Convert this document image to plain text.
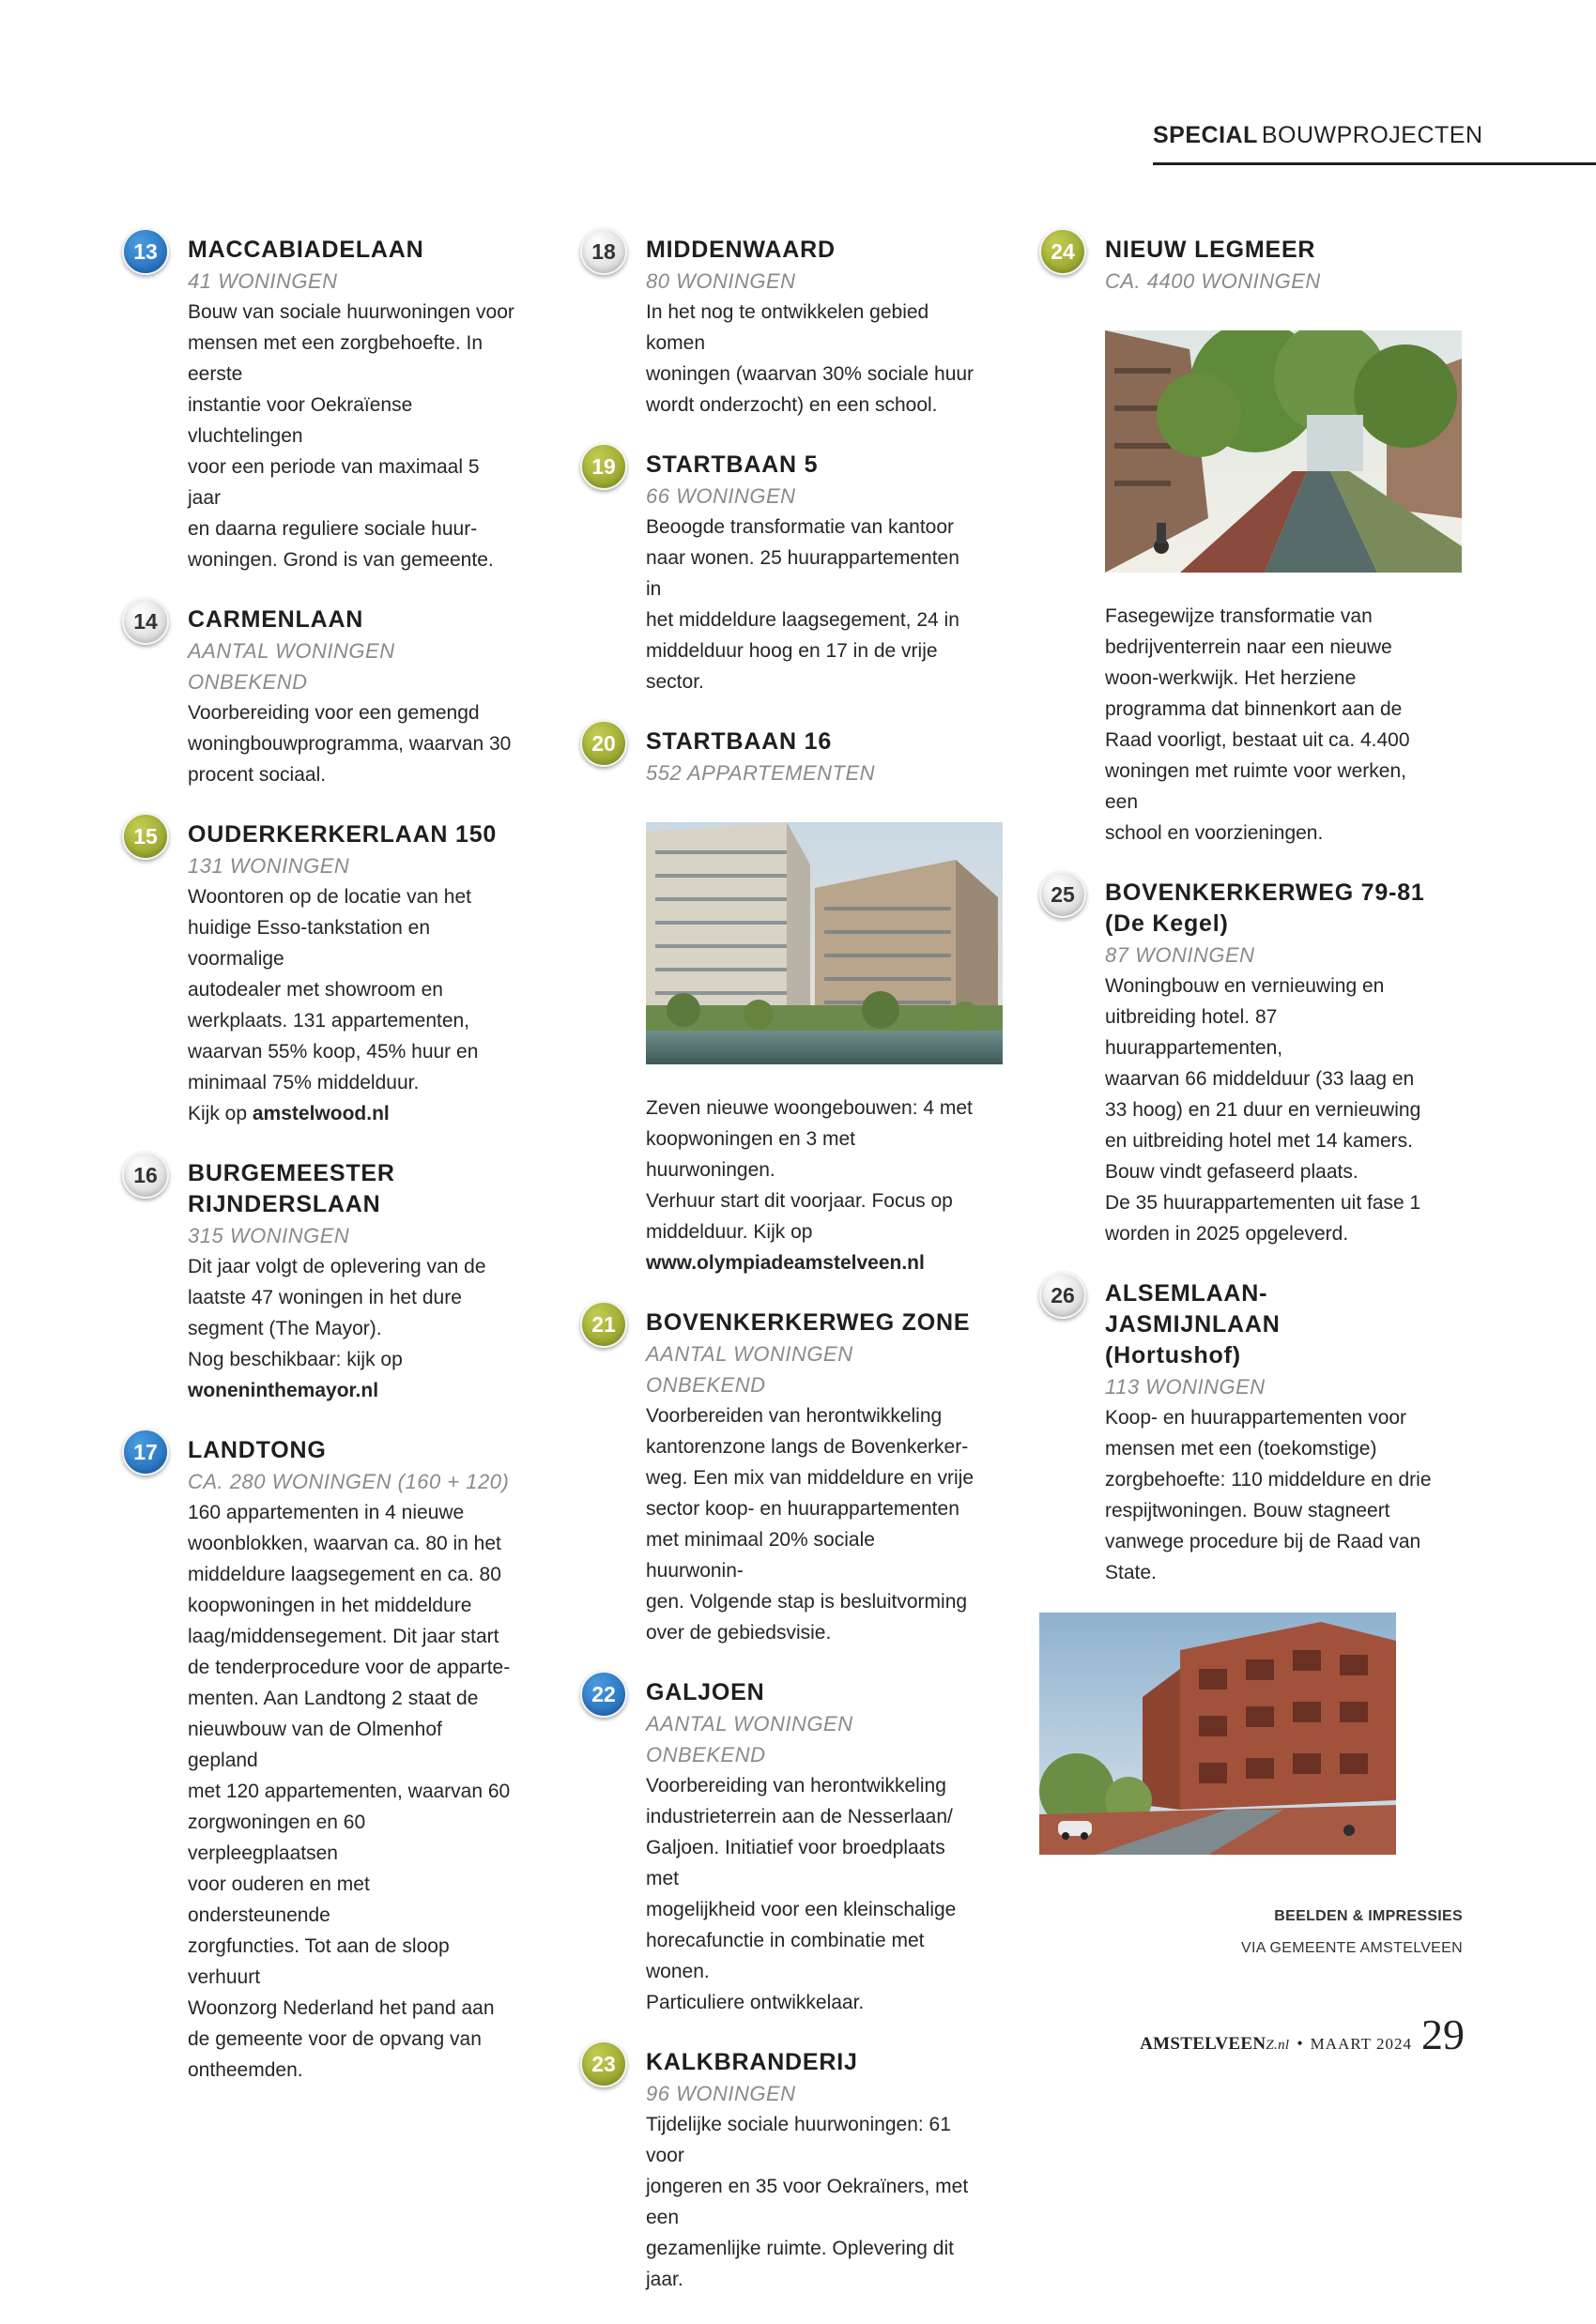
SPECIAL BOUWPROJECTEN
13	MACCABIADELAAN
41 WONINGEN

Bouw van sociale huurwoningen voor

mensen met een zorgbehoefte. In eerste

instantie voor Oekraïense vluchtelingen

voor een periode van maximaal 5 jaar

en daarna reguliere sociale huur-

woningen. Grond is van gemeente.

14	CARMENLAAN
AANTAL WONINGEN ONBEKEND

Voorbereiding voor een gemengd

woningbouwprogramma, waarvan 30

procent sociaal.

15	OUDERKERKERLAAN 150
131 WONINGEN

Woontoren op de locatie van het

huidige Esso-tankstation en voormalige

autodealer met showroom en

werkplaats. 131 appartementen,

waarvan 55% koop, 45% huur en

minimaal 75% middelduur.

Kijk op amstelwood.nl

16	BURGEMEESTER RIJNDERSLAAN
315 WONINGEN

Dit jaar volgt de oplevering van de

laatste 47 woningen in het dure

segment (The Mayor).

Nog beschikbaar: kijk op

woneninthemayor.nl

17	LANDTONG
CA. 280 WONINGEN (160 + 120)

160 appartementen in 4 nieuwe

woonblokken, waarvan ca. 80 in het

middeldure laagsegement en ca. 80

koopwoningen in het middeldure

laag/middensegement. Dit jaar start

de tenderprocedure voor de apparte-

menten. Aan Landtong 2 staat de

nieuwbouw van de Olmenhof gepland

met 120 appartementen, waarvan 60

zorgwoningen en 60 verpleegplaatsen

voor ouderen en met ondersteunende

zorgfuncties. Tot aan de sloop verhuurt

Woonzorg Nederland het pand aan

de gemeente voor de opvang van

ontheemden.

18	MIDDENWAARD
80 WONINGEN

In het nog te ontwikkelen gebied komen

woningen (waarvan 30% sociale huur

wordt onderzocht) en een school.

19	STARTBAAN 5
66 WONINGEN

Beoogde transformatie van kantoor

naar wonen. 25 huurappartementen in

het middeldure laagsegement, 24 in

middelduur hoog en 17 in de vrije

sector.

20	STARTBAAN 16
552 APPARTEMENTEN

Zeven nieuwe woongebouwen: 4 met

koopwoningen en 3 met huurwoningen.

Verhuur start dit voorjaar. Focus op

middelduur. Kijk op

www.olympiadeamstelveen.nl

21	BOVENKERKERWEG ZONE
AANTAL WONINGEN ONBEKEND

Voorbereiden van herontwikkeling

kantorenzone langs de Bovenkerker-

weg. Een mix van middeldure en vrije

sector koop- en huurappartementen

met minimaal 20% sociale huurwonin-

gen. Volgende stap is besluitvorming

over de gebiedsvisie.

22	GALJOEN
AANTAL WONINGEN ONBEKEND

Voorbereiding van herontwikkeling

industrieterrein aan de Nesserlaan/

Galjoen. Initiatief voor broedplaats met

mogelijkheid voor een kleinschalige

horecafunctie in combinatie met wonen.

Particuliere ontwikkelaar.

23	KALKBRANDERIJ
96 WONINGEN

Tijdelijke sociale huurwoningen: 61 voor

jongeren en 35 voor Oekraïners, met een

gezamenlijke ruimte. Oplevering dit jaar.

24	NIEUW LEGMEER
CA. 4400 WONINGEN

Fasegewijze transformatie van

bedrijventerrein naar een nieuwe

woon-werkwijk. Het herziene

programma dat binnenkort aan de

Raad voorligt, bestaat uit ca. 4.400

woningen met ruimte voor werken, een

school en voorzieningen.

25	BOVENKERKERWEG 79-81
(De Kegel)
87 WONINGEN

Woningbouw en vernieuwing en

uitbreiding hotel. 87 huurappartementen,

waarvan 66 middelduur (33 laag en

33 hoog) en 21 duur en vernieuwing

en uitbreiding hotel met 14 kamers.

Bouw vindt gefaseerd plaats.

De 35 huurappartementen uit fase 1

worden in 2025 opgeleverd.

26	ALSEMLAAN-JASMIJNLAAN
(Hortushof)
113 WONINGEN

Koop- en huurappartementen voor

mensen met een (toekomstige)

zorgbehoefte: 110 middeldure en drie

respijtwoningen. Bouw stagneert

vanwege procedure bij de Raad van

State.

BEELDEN & IMPRESSIES
VIA GEMEENTE AMSTELVEEN
AMSTELVEENZ.nl • MAART 2024 29
